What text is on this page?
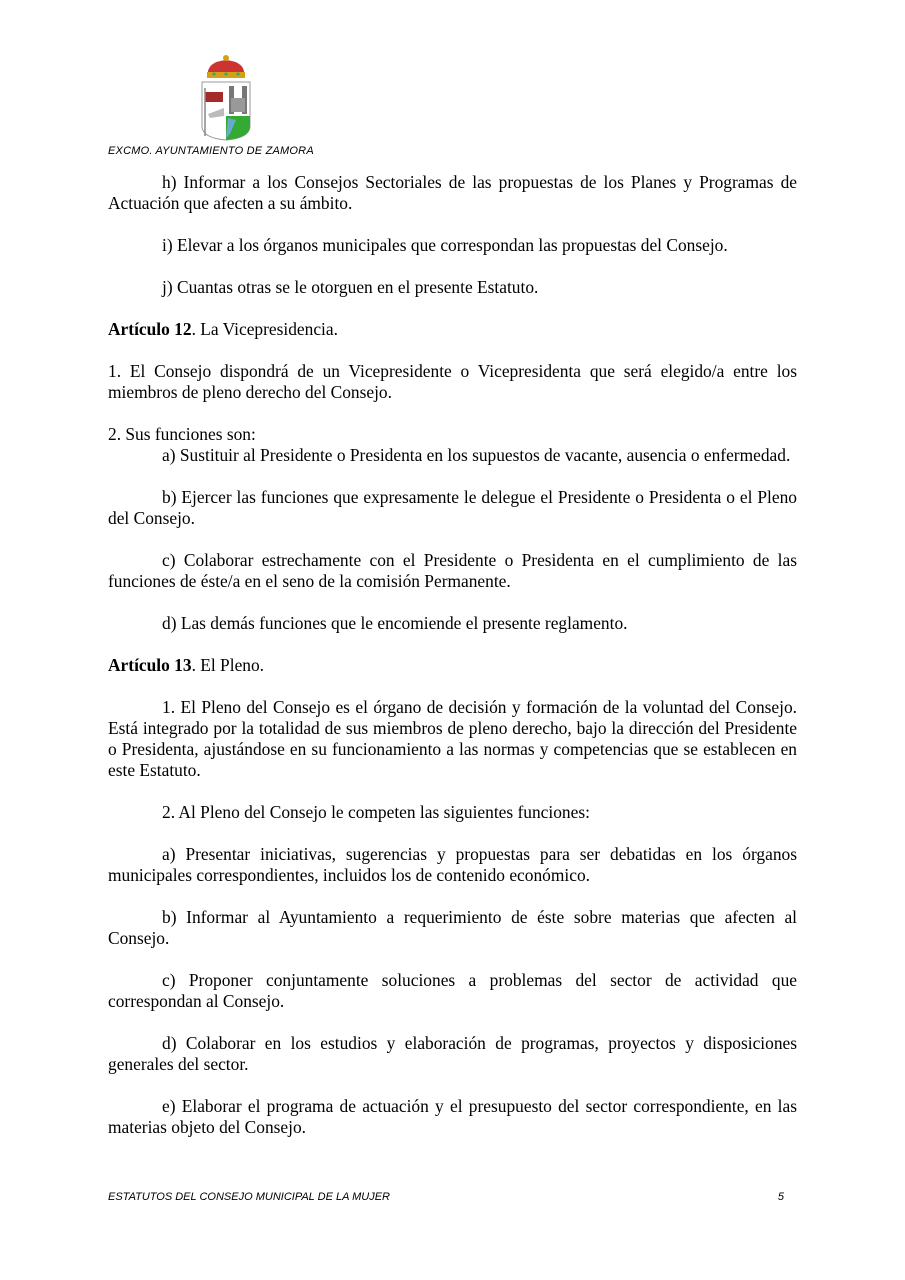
EXCMO. AYUNTAMIENTO DE ZAMORA

h) Informar a los Consejos Sectoriales de las propuestas de los Planes y Programas de Actuación que afecten a su ámbito.

i) Elevar a los órganos municipales que correspondan las propuestas del Consejo.

j) Cuantas otras se le otorguen en el presente Estatuto.

Artículo 12. La Vicepresidencia.

1. El Consejo dispondrá de un Vicepresidente o Vicepresidenta que será elegido/a entre los miembros de pleno derecho del Consejo.

2. Sus funciones son:

a) Sustituir al Presidente o Presidenta en los supuestos de vacante, ausencia o enfermedad.

b) Ejercer las funciones que expresamente le delegue el Presidente o Presidenta o el Pleno del Consejo.

c) Colaborar estrechamente con el Presidente o Presidenta en el cumplimiento de las funciones de éste/a en el seno de la comisión Permanente.

d) Las demás funciones que le encomiende el presente reglamento.

Artículo 13. El Pleno.

1. El Pleno del Consejo es el órgano de decisión y formación de la voluntad del Consejo. Está integrado por la totalidad de sus miembros de pleno derecho, bajo la dirección del Presidente o Presidenta, ajustándose en su funcionamiento a las normas y competencias que se establecen en este Estatuto.

2. Al Pleno del Consejo le competen las siguientes funciones:

a) Presentar iniciativas, sugerencias y propuestas para ser debatidas en los órganos municipales correspondientes, incluidos los de contenido económico.

b) Informar al Ayuntamiento a requerimiento de éste sobre materias que afecten al Consejo.

c) Proponer conjuntamente soluciones a problemas del sector de actividad que correspondan al Consejo.

d) Colaborar en los estudios y elaboración de programas, proyectos y disposiciones generales del sector.

e) Elaborar el programa de actuación y el presupuesto del sector correspondiente, en las materias objeto del Consejo.

ESTATUTOS DEL CONSEJO MUNICIPAL DE LA MUJER	5
